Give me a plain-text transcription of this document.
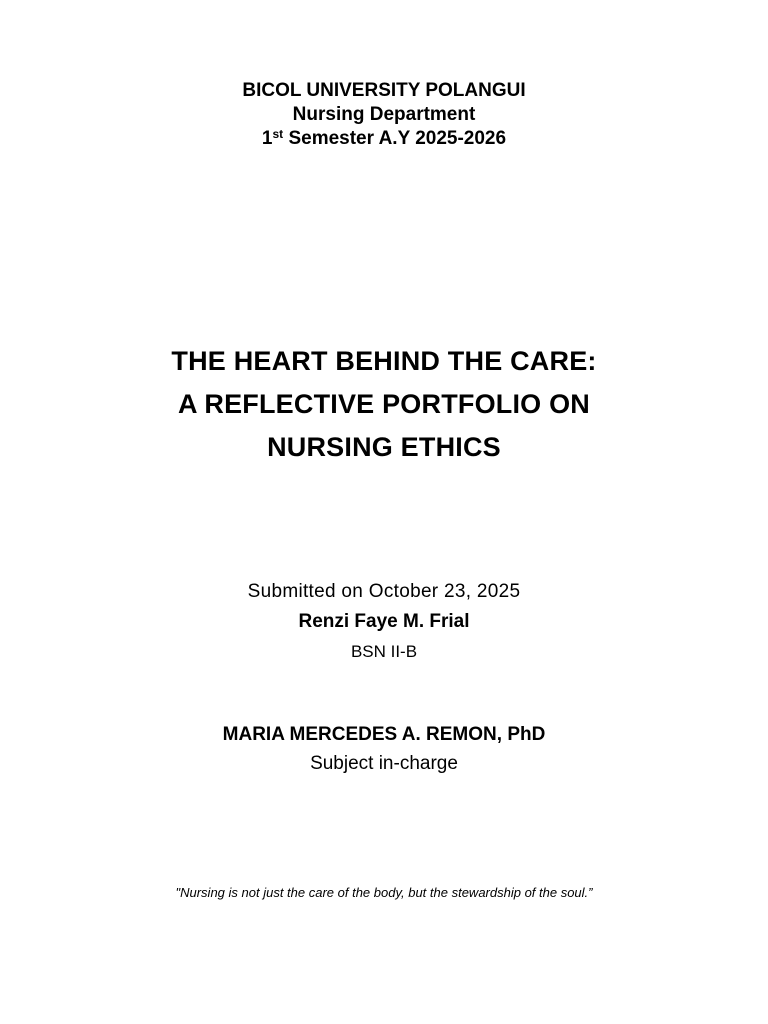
BICOL UNIVERSITY POLANGUI
Nursing Department
1st Semester A.Y 2025-2026
THE HEART BEHIND THE CARE:
A REFLECTIVE PORTFOLIO ON
NURSING ETHICS
Submitted on October 23, 2025
Renzi Faye M. Frial
BSN II-B
MARIA MERCEDES A. REMON, PhD
Subject in-charge
"Nursing is not just the care of the body, but the stewardship of the soul.”
